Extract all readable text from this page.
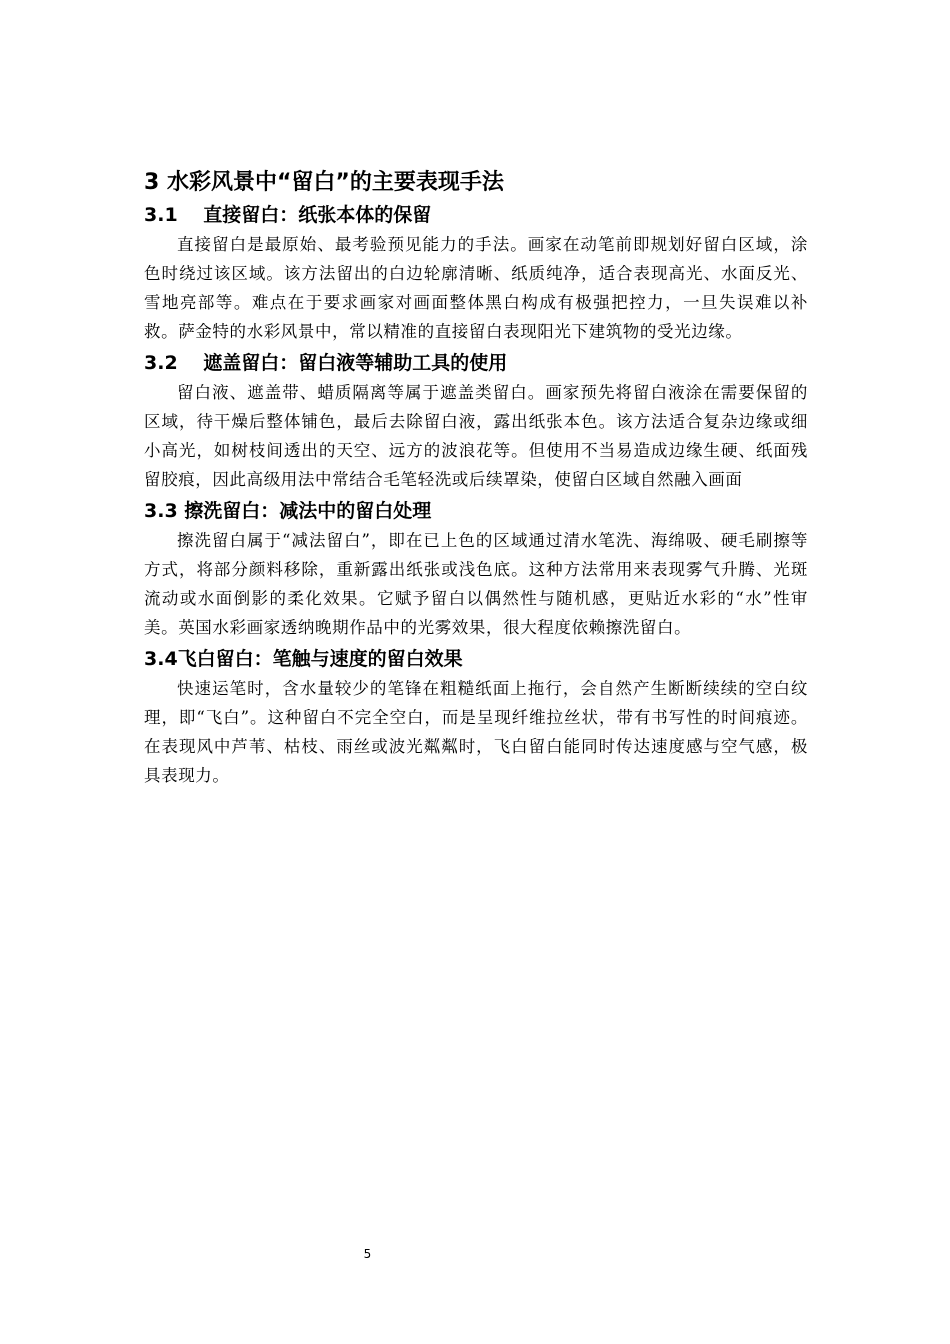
3 水彩风景中“留白”的主要表现手法
3.1　 直接留白：纸张本体的保留

直接留白是最原始、最考验预见能力的手法。画家在动笔前即规划好留白区域，涂色时绕过该区域。该方法留出的白边轮廓清晰、纸质纯净，适合表现高光、水面反光、雪地亮部等。难点在于要求画家对画面整体黑白构成有极强把控力，一旦失误难以补救。萨金特的水彩风景中，常以精准的直接留白表现阳光下建筑物的受光边缘。

3.2　 遮盖留白：留白液等辅助工具的使用

留白液、遮盖带、蜡质隔离等属于遮盖类留白。画家预先将留白液涂在需要保留的区域，待干燥后整体铺色，最后去除留白液，露出纸张本色。该方法适合复杂边缘或细小高光，如树枝间透出的天空、远方的波浪花等。但使用不当易造成边缘生硬、纸面残留胶痕，因此高级用法中常结合毛笔轻洗或后续罩染，使留白区域自然融入画面

3.3 擦洗留白：减法中的留白处理

擦洗留白属于“减法留白”，即在已上色的区域通过清水笔洗、海绵吸、硬毛刷擦等方式，将部分颜料移除，重新露出纸张或浅色底。这种方法常用来表现雾气升腾、光斑流动或水面倒影的柔化效果。它赋予留白以偶然性与随机感，更贴近水彩的“水”性审美。英国水彩画家透纳晚期作品中的光雾效果，很大程度依赖擦洗留白。

3.4飞白留白：笔触与速度的留白效果

快速运笔时，含水量较少的笔锋在粗糙纸面上拖行，会自然产生断断续续的空白纹理，即“飞白”。这种留白不完全空白，而是呈现纤维拉丝状，带有书写性的时间痕迹。在表现风中芦苇、枯枝、雨丝或波光粼粼时，飞白留白能同时传达速度感与空气感，极具表现力。

5
